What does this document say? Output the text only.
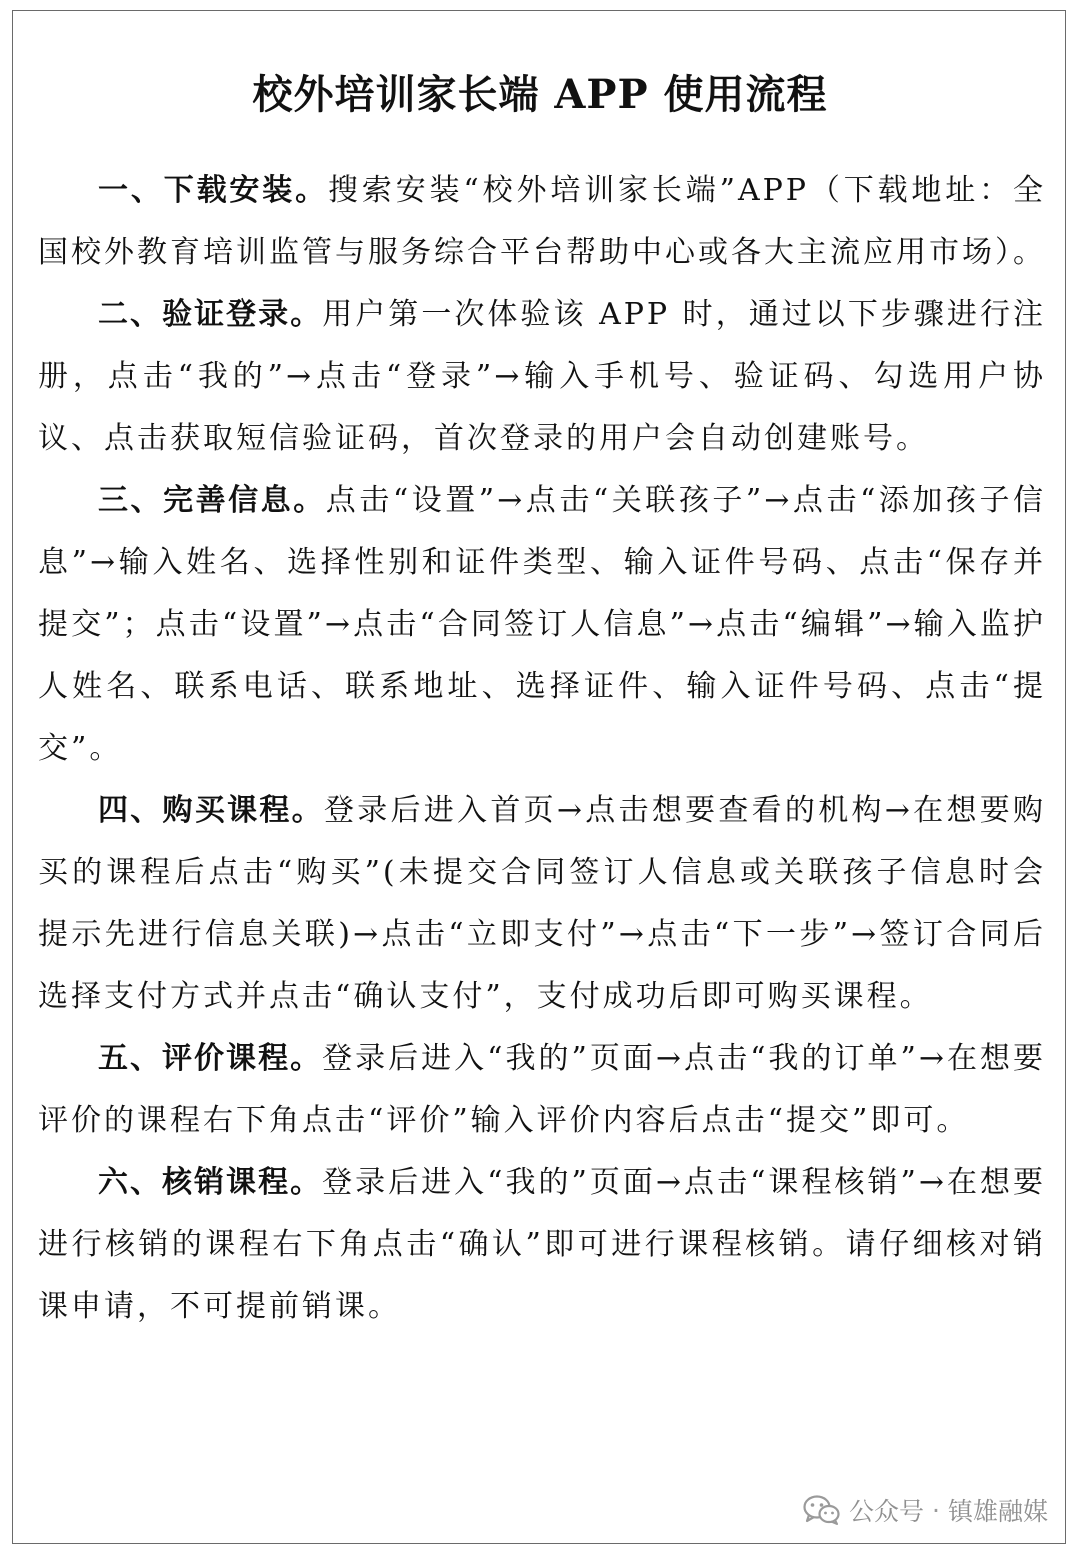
校外培训家长端 APP 使用流程

一、下载安装。搜索安装“校外培训家长端”APP（下载地址：全国校外教育培训监管与服务综合平台帮助中心或各大主流应用市场）。

二、验证登录。用户第一次体验该 APP 时，通过以下步骤进行注册，点击“我的”→点击“登录”→输入手机号、验证码、勾选用户协议、点击获取短信验证码，首次登录的用户会自动创建账号。

三、完善信息。点击“设置”→点击“关联孩子”→点击“添加孩子信息”→输入姓名、选择性别和证件类型、输入证件号码、点击“保存并提交”；点击“设置”→点击“合同签订人信息”→点击“编辑”→输入监护人姓名、联系电话、联系地址、选择证件、输入证件号码、点击“提交”。

四、购买课程。登录后进入首页→点击想要查看的机构→在想要购买的课程后点击“购买”(未提交合同签订人信息或关联孩子信息时会提示先进行信息关联)→点击“立即支付”→点击“下一步”→签订合同后选择支付方式并点击“确认支付”，支付成功后即可购买课程。

五、评价课程。登录后进入“我的”页面→点击“我的订单”→在想要评价的课程右下角点击“评价”输入评价内容后点击“提交”即可。

六、核销课程。登录后进入“我的”页面→点击“课程核销”→在想要进行核销的课程右下角点击“确认”即可进行课程核销。请仔细核对销课申请，不可提前销课。

公众号 · 镇雄融媒
